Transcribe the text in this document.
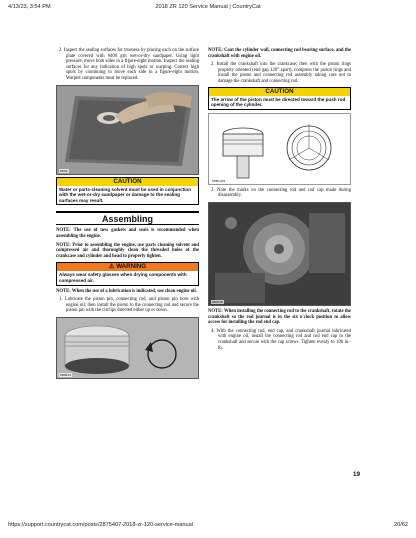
4/13/23, 3:54 PM	2018 ZR 120 Service Manual | CountryCat

2. Inspect the sealing surfaces for trueness by placing each on the surface plate covered with #400 grit wet-or-dry sandpaper. Using light pressure, move both sides in a figure-eight motion. Inspect the sealing surfaces for any indication of high spots or warping. Correct high spots by continuing to move each side in a figure-eight motion. Warped components must be replaced.

6DS2
CAUTION
Water or parts-cleaning solvent must be used in conjunction with the wet-or-dry sandpaper or damage to the sealing surfaces may result.
Assembling

NOTE: The use of new gaskets and seals is recommended when assembling the engine.

NOTE: Prior to assembling the engine, use parts cleaning solvent and compressed air and thoroughly clean the threaded holes of the crankcase and cylinder and head to properly tighten.

⚠ WARNING
Always wear safety glasses when drying components with compressed air.

NOTE: When the use of a lubrication is indicated, use clean engine oil.

1. Lubricate the piston pin, connecting rod, and piston pin bore with engine oil; then install the piston to the connecting rod and secure the piston pin with the circlips directed either up or down.

ZD0014

NOTE: Coat the cylinder wall, connecting rod bearing surface, and the crankshaft with engine oil.

2. Install the crankshaft into the crankcase; then with the piston rings properly oriented (end gap 120° apart), compress the piston rings and install the piston and connecting rod assembly taking care not to damage the crankshaft and connecting rod.

CAUTION
The arrow of the piston must be directed toward the push rod opening of the cylinder.
6T8D-001

3. Note the marks on the connecting rod and rod cap made during disassembly.

ZD0018

NOTE: When installing the connecting rod to the crankshaft, rotate the crankshaft so the rod journal is in the six o'clock position to allow access for installing the rod end cap.

4. With the connecting rod, end cap, and crankshaft journal lubricated with engine oil, install the connecting rod and rod end cap to the crankshaft and secure with the cap screws. Tighten evenly to 106 in.-lb.

19
https://support.countrycat.com/posts/2875407-2018-zr-120-service-manual	20/62
